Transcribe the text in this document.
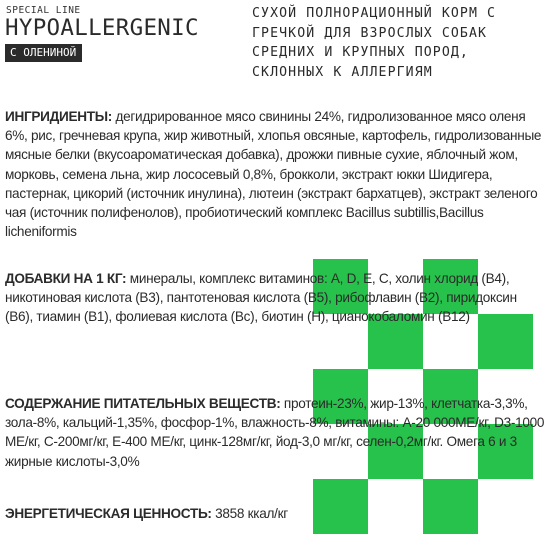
SPECIAL LINE
HYPOALLERGENIC
С ОЛЕНИНОЙ
СУХОЙ ПОЛНОРАЦИОННЫЙ КОРМ С ГРЕЧКОЙ ДЛЯ ВЗРОСЛЫХ СОБАК СРЕДНИХ И КРУПНЫХ ПОРОД, СКЛОННЫХ К АЛЛЕРГИЯМ
ИНГРИДИЕНТЫ: дегидрированное мясо свинины 24%, гидролизованное мясо оленя 6%, рис, гречневая крупа, жир животный, хлопья овсяные, картофель, гидролизованные мясные белки (вкусоароматическая добавка), дрожжи пивные сухие, яблочный жом, морковь, семена льна, жир лососевый 0,8%, брокколи, экстракт юкки Шидигера, пастернак, цикорий (источник инулина), лютеин (экстракт бархатцев), экстракт зеленого чая (источник полифенолов), пробиотический комплекс Bacillus subtillis,Bacillus licheniformis
ДОБАВКИ НА 1 КГ: минералы, комплекс витаминов: А, D, E, C, холин хлорид (В4), никотиновая кислота (В3), пантотеновая кислота (В5), рибофлавин (В2), пиридоксин (В6), тиамин (В1), фолиевая кислота (Вс), биотин (Н), цианокобаломин (В12)
СОДЕРЖАНИЕ ПИТАТЕЛЬНЫХ ВЕЩЕСТВ: протеин-23%, жир-13%, клетчатка-3,3%, зола-8%, кальций-1,35%, фосфор-1%, влажность-8%, витамины: А-20 000МЕ/кг, D3-1000 МЕ/кг, С-200мг/кг, Е-400 МЕ/кг, цинк-128мг/кг, йод-3,0 мг/кг, селен-0,2мг/кг. Омега 6 и 3 жирные кислоты-3,0%
ЭНЕРГЕТИЧЕСКАЯ ЦЕННОСТЬ: 3858 ккал/кг
